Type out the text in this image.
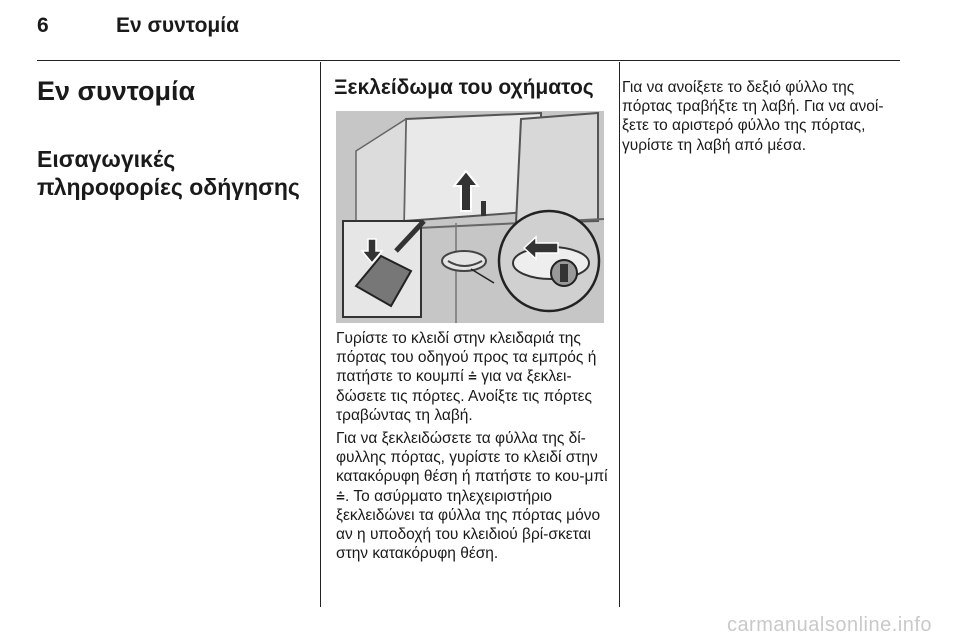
6	Εν συντομία
Εν συντομία
Εισαγωγικές πληροφορίες οδήγησης
Ξεκλείδωμα του οχήματος

Γυρίστε το κλειδί στην κλειδαριά της πόρτας του οδηγού προς τα εμπρός ή πατήστε το κουμπί ⩮ για να ξεκλει-δώσετε τις πόρτες. Ανοίξτε τις πόρτες τραβώντας τη λαβή.

Για να ξεκλειδώσετε τα φύλλα της δί-φυλλης πόρτας, γυρίστε το κλειδί στην κατακόρυφη θέση ή πατήστε το κου-μπί ⩮. Το ασύρματο τηλεχειριστήριο ξεκλειδώνει τα φύλλα της πόρτας μόνο αν η υποδοχή του κλειδιού βρί-σκεται στην κατακόρυφη θέση.

Για να ανοίξετε το δεξιό φύλλο της πόρτας τραβήξτε τη λαβή. Για να ανοί-ξετε το αριστερό φύλλο της πόρτας, γυρίστε τη λαβή από μέσα.

carmanualsonline.info
